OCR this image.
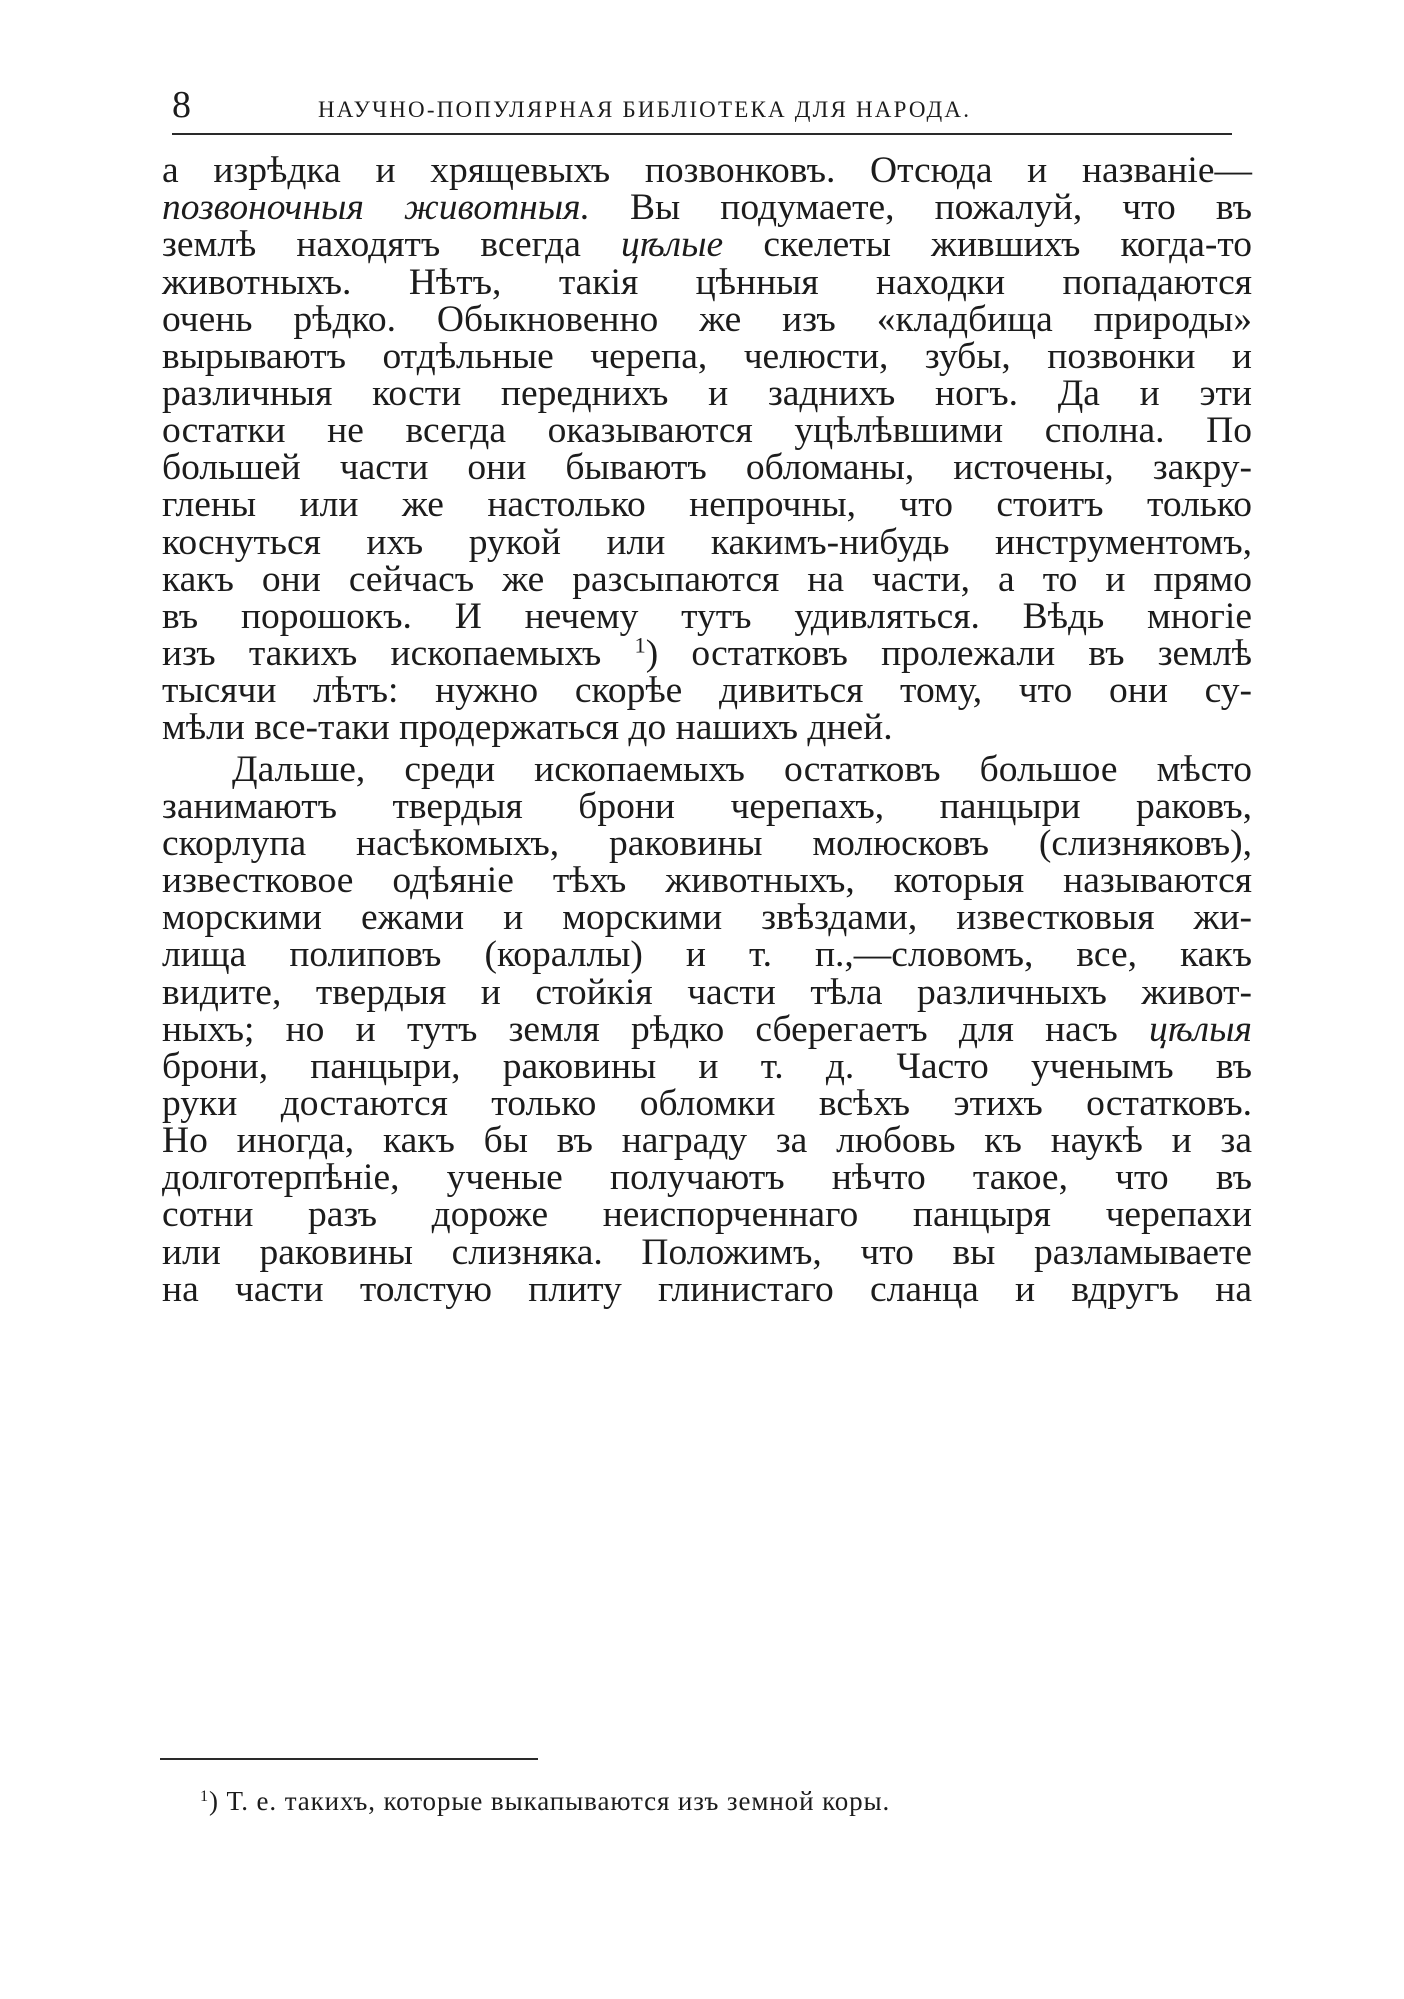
8	НАУЧНО-ПОПУЛЯРНАЯ БИБЛІОТЕКА ДЛЯ НАРОДА.
а изрѣдка и хрящевыхъ позвонковъ. Отсюда и названіе—
позвоночныя животныя. Вы подумаете, пожалуй, что въ
землѣ находятъ всегда цѣлые скелеты жившихъ когда-то
животныхъ. Нѣтъ, такія цѣнныя находки попадаются
очень рѣдко. Обыкновенно же изъ «кладбища природы»
вырываютъ отдѣльные черепа, челюсти, зубы, позвонки и
различныя кости переднихъ и заднихъ ногъ. Да и эти
остатки не всегда оказываются уцѣлѣвшими сполна. По
большей части они бываютъ обломаны, источены, закру-
глены или же настолько непрочны, что стоитъ только
коснуться ихъ рукой или какимъ-нибудь инструментомъ,
какъ они сейчасъ же разсыпаются на части, а то и прямо
въ порошокъ. И нечему тутъ удивляться. Вѣдь многіе
изъ такихъ ископаемыхъ $^1$) остатковъ пролежали въ землѣ
тысячи лѣтъ: нужно скорѣе дивиться тому, что они су-
мѣли все-таки продержаться до нашихъ дней.
Дальше, среди ископаемыхъ остатковъ большое мѣсто
занимаютъ твердыя брони черепахъ, панцыри раковъ,
скорлупа насѣкомыхъ, раковины молюсковъ (слизняковъ),
известковое одѣяніе тѣхъ животныхъ, которыя называются
морскими ежами и морскими звѣздами, известковыя жи-
лища полиповъ (кораллы) и т. п.,—словомъ, все, какъ
видите, твердыя и стойкія части тѣла различныхъ живот-
ныхъ; но и тутъ земля рѣдко сберегаетъ для насъ цѣлыя
брони, панцыри, раковины и т. д. Часто ученымъ въ
руки достаются только обломки всѣхъ этихъ остатковъ.
Но иногда, какъ бы въ награду за любовь къ наукѣ и за
долготерпѣніе, ученые получаютъ нѣчто такое, что въ
сотни разъ дороже неиспорченнаго панцыря черепахи
или раковины слизняка. Положимъ, что вы разламываете
на части толстую плиту глинистаго сланца и вдругъ на
$^1$) Т. е. такихъ, которые выкапываются изъ земной коры.
